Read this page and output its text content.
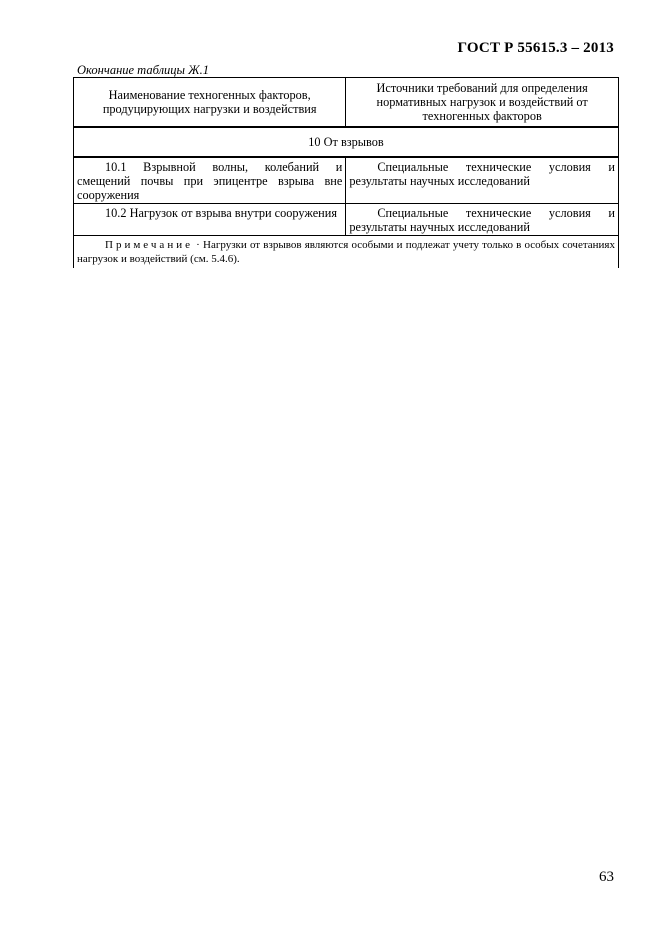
ГОСТ Р 55615.3 – 2013
Окончание таблицы Ж.1
Наименование техногенных факторов, продуцирующих нагрузки и воздействия	Источники требований для определения нормативных нагрузок и воздействий от техногенных факторов
10 От взрывов	
10.1 Взрывной волны, колебаний и смещений почвы при эпицентре взрыва вне сооружения	Специальные технические условия и результаты научных исследований
10.2 Нагрузок от взрыва внутри сооружения	Специальные технические условия и результаты научных исследований
Примечание · Нагрузки от взрывов являются особыми и подлежат учету только в особых сочетаниях нагрузок и воздействий (см. 5.4.6).	
63
